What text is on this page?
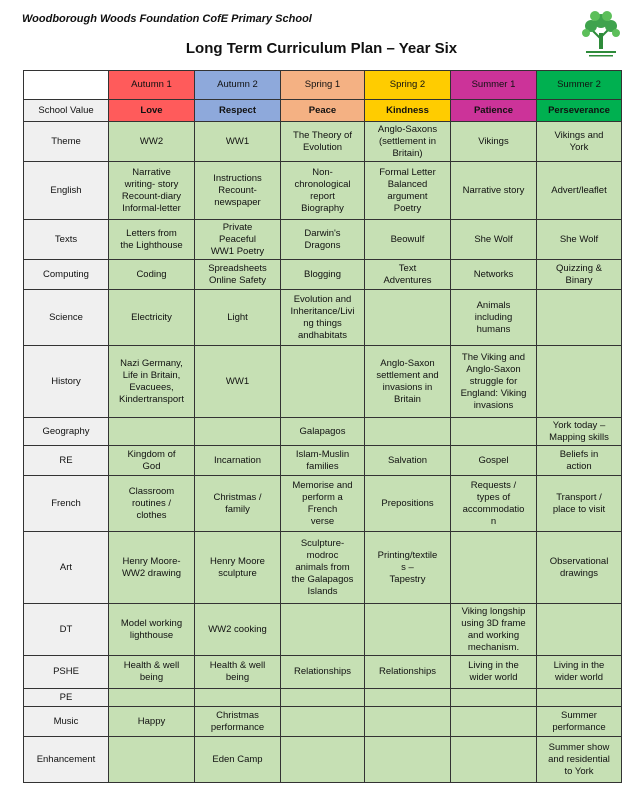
Woodborough Woods Foundation CofE Primary School
Long Term Curriculum Plan – Year Six
	Autumn 1	Autumn 2	Spring 1	Spring 2	Summer 1	Summer 2
School Value	Love	Respect	Peace	Kindness	Patience	Perseverance
Theme	WW2	WW1	The Theory of
Evolution	Anglo-Saxons
(settlement in
Britain)	Vikings	Vikings and
York
English	Narrative
writing- story
Recount-diary
Informal-letter	Instructions
Recount-
newspaper	Non-
chronological
report
Biography	Formal Letter
Balanced
argument
Poetry	Narrative story	Advert/leaflet
Texts	Letters from
the Lighthouse	Private
Peaceful
WW1 Poetry	Darwin's
Dragons	Beowulf	She Wolf	She Wolf
Computing	Coding	Spreadsheets
Online Safety	Blogging	Text
Adventures	Networks	Quizzing &
Binary
Science	Electricity	Light	Evolution and
Inheritance/Livi
ng things
andhabitats		Animals
including
humans	
History	Nazi Germany,
Life in Britain,
Evacuees,
Kindertransport	WW1		Anglo-Saxon
settlement and
invasions in
Britain	The Viking and
Anglo-Saxon
struggle for
England: Viking
invasions	
Geography			Galapagos			York today –
Mapping skills
RE	Kingdom of
God	Incarnation	Islam-Muslin
families	Salvation	Gospel	Beliefs in
action
French	Classroom
routines /
clothes	Christmas /
family	Memorise and
perform a
French
verse	Prepositions	Requests /
types of
accommodatio
n	Transport /
place to visit
Art	Henry Moore-
WW2 drawing	Henry Moore
sculpture	Sculpture-
modroc
animals from
the Galapagos
Islands	Printing/textile
s –
Tapestry		Observational
drawings
DT	Model working
lighthouse	WW2 cooking			Viking longship
using 3D frame
and working
mechanism.	
PSHE	Health & well
being	Health & well
being	Relationships	Relationships	Living in the
wider world	Living in the
wider world
PE						
Music	Happy	Christmas
performance				Summer
performance
Enhancement		Eden Camp				Summer show
and residential
to York
